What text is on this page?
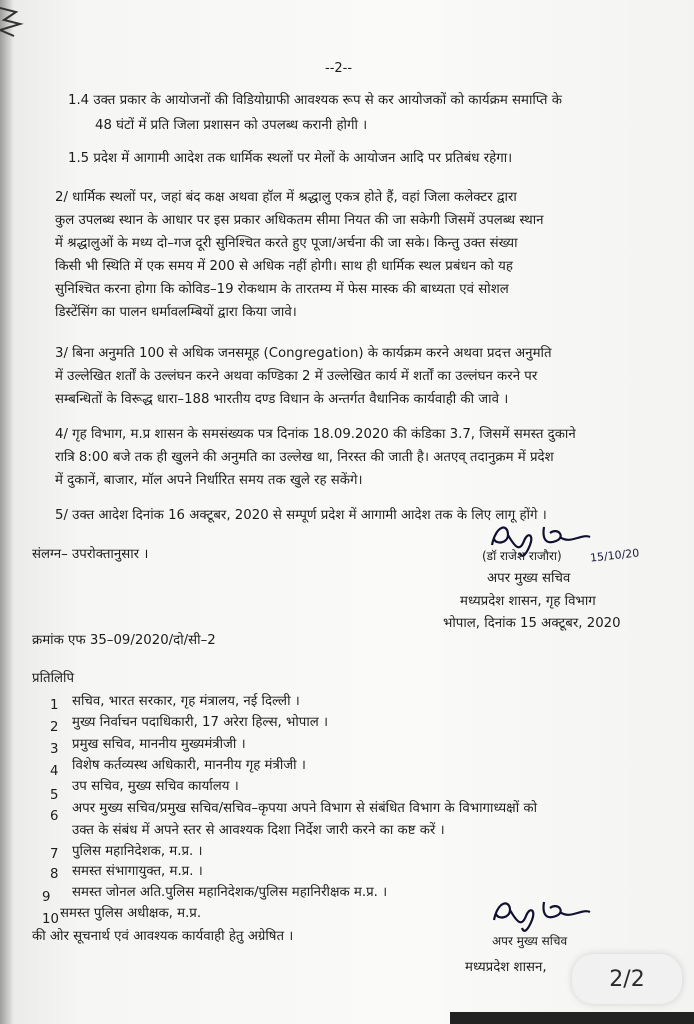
--2--
1.4 उक्त प्रकार के आयोजनों की विडियोग्राफी आवश्यक रूप से कर आयोजकों को कार्यक्रम समाप्ति के
48 घंटों में प्रति जिला प्रशासन को उपलब्ध करानी होगी ।
1.5 प्रदेश में आगामी आदेश तक धार्मिक स्थलों पर मेलों के आयोजन आदि पर प्रतिबंध रहेगा।
2/ धार्मिक स्थलों पर, जहां बंद कक्ष अथवा हॉल में श्रद्धालु एकत्र होते हैं, वहां जिला कलेक्टर द्वारा
कुल उपलब्ध स्थान के आधार पर इस प्रकार अधिकतम सीमा नियत की जा सकेगी जिसमें उपलब्ध स्थान
में श्रद्धालुओं के मध्य दो–गज दूरी सुनिश्चित करते हुए पूजा/अर्चना की जा सके। किन्तु उक्त संख्या
किसी भी स्थिति में एक समय में 200 से अधिक नहीं होगी। साथ ही धार्मिक स्थल प्रबंधन को यह
सुनिश्चित करना होगा कि कोविड–19 रोकथाम के तारतम्य में फेस मास्क की बाध्यता एवं सोशल
डिस्टेंसिंग का पालन धर्मावलम्बियों द्वारा किया जावे।
3/ बिना अनुमति 100 से अधिक जनसमूह (Congregation) के कार्यक्रम करने अथवा प्रदत्त अनुमति
में उल्लेखित शर्तों के उल्लंघन करने अथवा कण्डिका 2 में उल्लेखित कार्य में शर्तों का उल्लंघन करने पर
सम्बन्धितों के विरूद्ध धारा–188 भारतीय दण्ड विधान के अन्तर्गत वैधानिक कार्यवाही की जावे ।
4/ गृह विभाग, म.प्र शासन के समसंख्यक पत्र दिनांक 18.09.2020 की कंडिका 3.7, जिसमें समस्त दुकाने
रात्रि 8:00 बजे तक ही खुलने की अनुमति का उल्लेख था, निरस्त की जाती है। अतएव् तदानुक्रम में प्रदेश
में दुकानें, बाजार, मॉल अपने निर्धारित समय तक खुले रह सकेंगे।
5/ उक्त आदेश दिनांक 16 अक्टूबर, 2020 से सम्पूर्ण प्रदेश में आगामी आदेश तक के लिए लागू होंगे ।
संलग्न– उपरोक्तानुसार ।	(डॉ राजेश राजौरा)	15/10/20
अपर मुख्य सचिव
मध्यप्रदेश शासन, गृह विभाग
भोपाल, दिनांक 15 अक्टूबर, 2020
क्रमांक एफ 35–09/2020/दो/सी–2
प्रतिलिपि
1 सचिव, भारत सरकार, गृह मंत्रालय, नई दिल्ली ।
2 मुख्य निर्वाचन पदाधिकारी, 17 अरेरा हिल्स, भोपाल ।
3 प्रमुख सचिव, माननीय मुख्यमंत्रीजी ।
4 विशेष कर्तव्यस्थ अधिकारी, माननीय गृह मंत्रीजी ।
5
उप सचिव, मुख्य सचिव कार्यालय ।
6
अपर मुख्य सचिव/प्रमुख सचिव/सचिव–कृपया अपने विभाग से संबंधित विभाग के विभागाध्यक्षों को
उक्त के संबंध में अपने स्तर से आवश्यक दिशा निर्देश जारी करने का कष्ट करें ।
7 पुलिस महानिदेशक, म.प्र. ।
8 समस्त संभागायुक्त, म.प्र. ।
9 समस्त जोनल अति.पुलिस महानिदेशक/पुलिस महानिरीक्षक म.प्र. ।
10 समस्त पुलिस अधीक्षक, म.प्र.
की ओर सूचनार्थ एवं आवश्यक कार्यवाही हेतु अग्रेषित ।	अपर मुख्य सचिव
मध्यप्रदेश शासन,	2/2
